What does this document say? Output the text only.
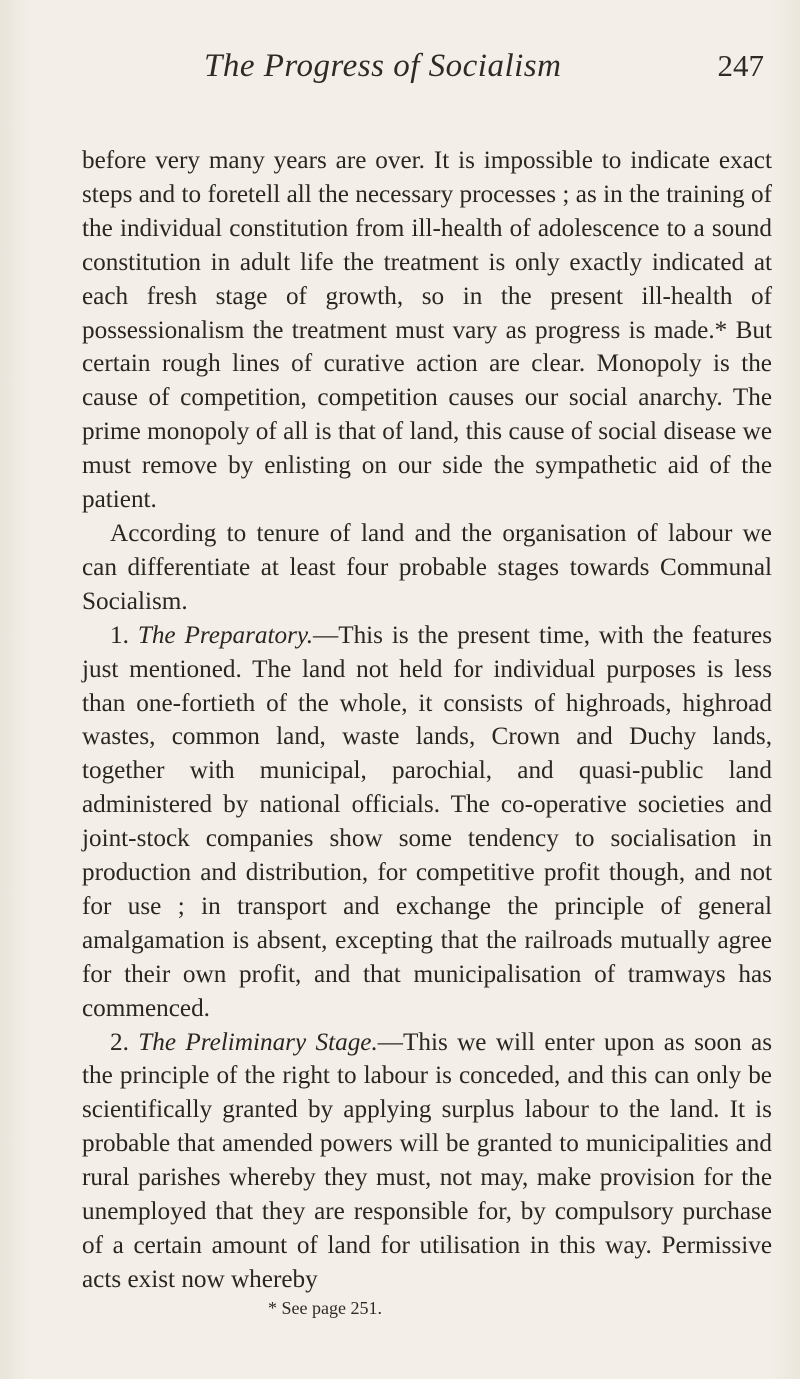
The Progress of Socialism	247

before very many years are over. It is impossible to indicate exact steps and to foretell all the necessary processes ; as in the training of the individual constitution from ill-health of adolescence to a sound constitution in adult life the treatment is only exactly indicated at each fresh stage of growth, so in the present ill-health of possessionalism the treatment must vary as progress is made.* But certain rough lines of curative action are clear. Monopoly is the cause of competition, competition causes our social anarchy. The prime monopoly of all is that of land, this cause of social disease we must remove by enlisting on our side the sympathetic aid of the patient.

According to tenure of land and the organisation of labour we can differentiate at least four probable stages towards Communal Socialism.

1. The Preparatory.—This is the present time, with the features just mentioned. The land not held for individual purposes is less than one-fortieth of the whole, it consists of highroads, highroad wastes, common land, waste lands, Crown and Duchy lands, together with municipal, parochial, and quasi-public land administered by national officials. The co-operative societies and joint-stock companies show some tendency to socialisation in production and distribution, for competitive profit though, and not for use ; in transport and exchange the principle of general amalgamation is absent, excepting that the railroads mutually agree for their own profit, and that municipalisation of tramways has commenced.

2. The Preliminary Stage.—This we will enter upon as soon as the principle of the right to labour is conceded, and this can only be scientifically granted by applying surplus labour to the land. It is probable that amended powers will be granted to municipalities and rural parishes whereby they must, not may, make provision for the unemployed that they are responsible for, by compulsory purchase of a certain amount of land for utilisation in this way. Permissive acts exist now whereby

* See page 251.
